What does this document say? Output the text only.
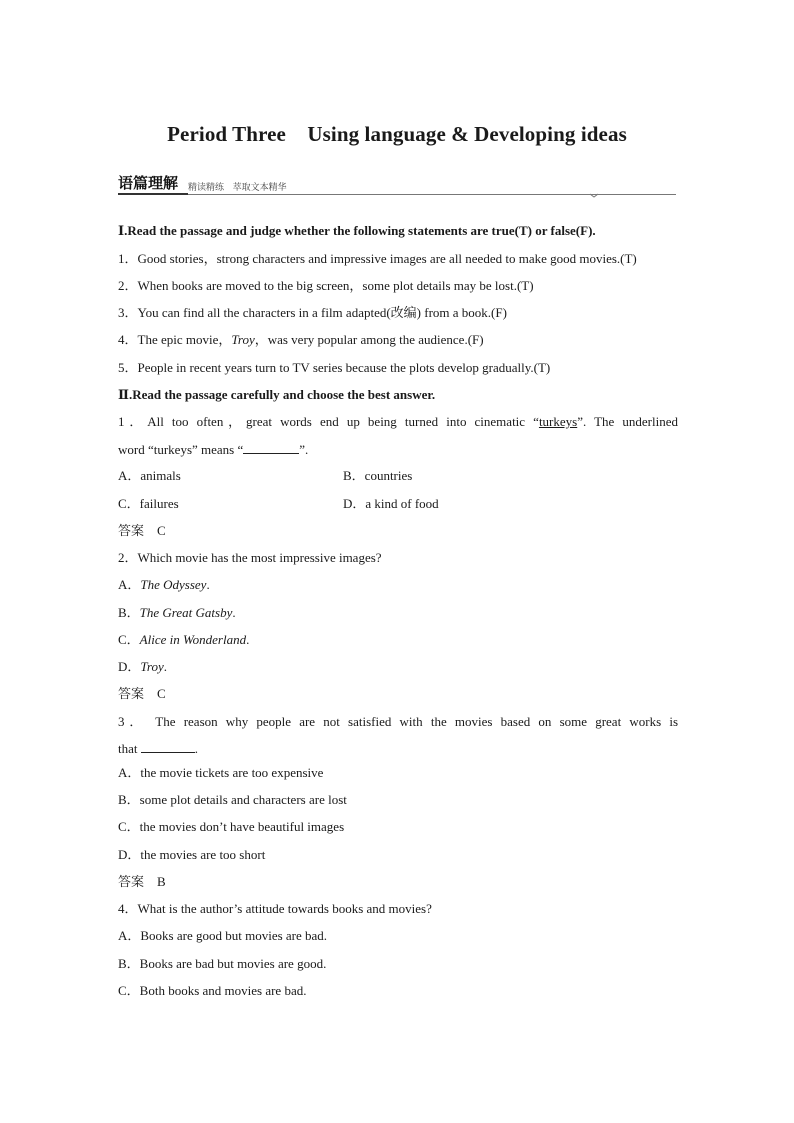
Period Three    Using language & Developing ideas
语篇理解 精读精练   萃取文本精华
Ⅰ.Read the passage and judge whether the following statements are true(T) or false(F).
1．Good stories，strong characters and impressive images are all needed to make good movies.(T)
2．When books are moved to the big screen，some plot details may be lost.(T)
3．You can find all the characters in a film adapted(改编) from a book.(F)
4．The epic movie，Troy，was very popular among the audience.(F)
5．People in recent years turn to TV series because the plots develop gradually.(T)
Ⅱ.Read the passage carefully and choose the best answer.
1．All too often，great words end up being turned into cinematic “turkeys”. The underlined
word “turkeys” means “	”.
A．animals	B．countries
C．failures	D．a kind of food
答案　C
2．Which movie has the most impressive images?
A．The Odyssey.
B．The Great Gatsby.
C．Alice in Wonderland.
D．Troy.
答案　C
3． The reason why people are not satisfied with the movies based on some great works is
that	.
A．the movie tickets are too expensive
B．some plot details and characters are lost
C．the movies don’t have beautiful images
D．the movies are too short
答案　B
4．What is the author’s attitude towards books and movies?
A．Books are good but movies are bad.
B．Books are bad but movies are good.
C．Both books and movies are bad.
